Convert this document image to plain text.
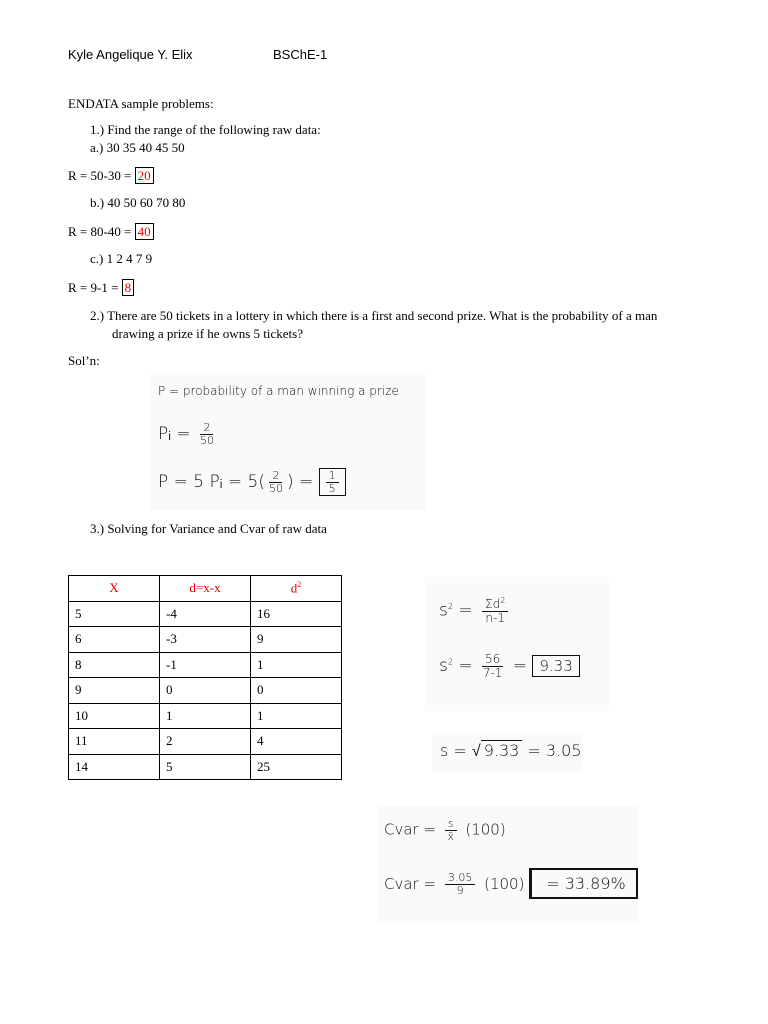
Kyle Angelique Y. Elix	BSChE-1
ENDATA sample problems:
1.) Find the range of the following raw data:
a.) 30 35 40 45 50
R = 50-30 = 20
b.) 40 50 60 70 80
R = 80-40 = 40
c.) 1 2 4 7 9
R = 9-1 = 8
2.) There are 50 tickets in a lottery in which there is a first and second prize. What is the probability of a man
drawing a prize if he owns 5 tickets?
Sol’n:
P = probability of a man winning a prize
Pᵢ = $\frac{2}{50}$
P = 5 Pᵢ = $5( \frac{2}{50}$ ) = $\frac{1}{5}$
3.) Solving for Variance and Cvar of raw data
X	d=x-x	$d^2$
5	-4	16
6	-3	9
8	-1	1
9	0	0
10	1	1
11	2	4
14	5	25
$s^2 = \frac{\Sigma d^2}{n-1}$
$s^2 = \frac{56}{7-1} = 9.33$
s = √ 9.33 = 3.05
Cvar = $\frac{s}{x̄} (100)$
Cvar = $\frac{3.05}{9} (100) = 33.89\%$
